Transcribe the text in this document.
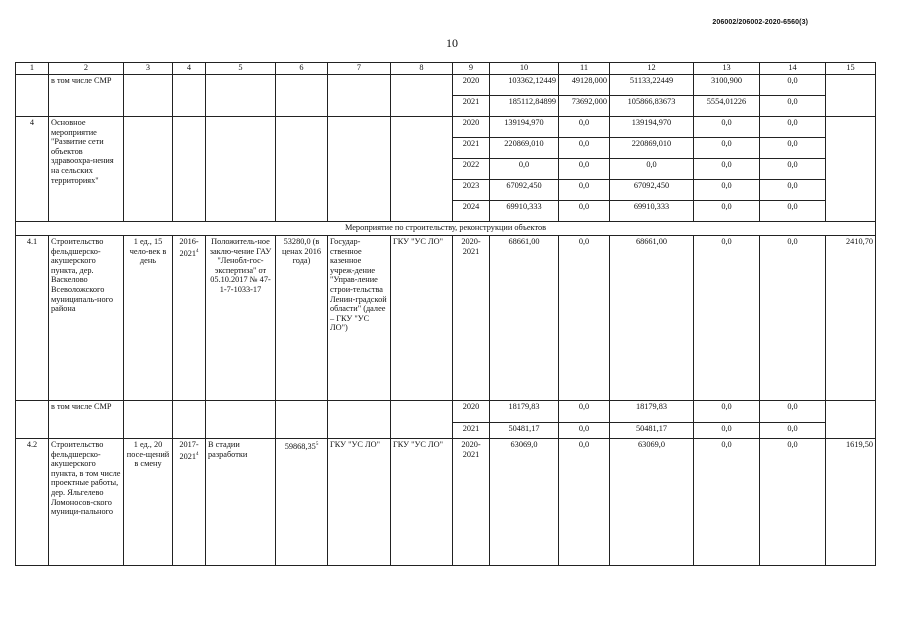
206002/206002-2020-6560(3)
10
1	2	3	4	5	6	7	8	9	10	11	12	13	14	15
	в том числе СМР							2020	103362,12449	49128,000	51133,22449	3100,900	0,0	
								2021	185112,84899	73692,000	105866,83673	5554,01226	0,0	
4	Основное мероприятие "Развитие сети объектов здравоохра-нения на сельских территориях"							2020	139194,970	0,0	139194,970	0,0	0,0	
								2021	220869,010	0,0	220869,010	0,0	0,0	
								2022	0,0	0,0	0,0	0,0	0,0	
								2023	67092,450	0,0	67092,450	0,0	0,0	
								2024	69910,333	0,0	69910,333	0,0	0,0	
Мероприятие по строительству, реконструкции объектов														
4.1	Строительство фельдшерско-акушерского пункта, дер. Васкелово Всеволожского муниципаль-ного района	1 ед., 15 чело-век в день	2016-2021$^4$	Положитель-ное заклю-чение ГАУ "Ленобл-гос-экспертиза" от 05.10.2017 № 47-1-7-1033-17	53280,0 (в ценах 2016 года)	Государ-ственное казенное учреж-дение "Управ-ление строи-тельства Ленин-градской области" (далее – ГКУ "УС ЛО")	ГКУ "УС ЛО"	2020-2021	68661,00	0,0	68661,00	0,0	0,0	2410,70
	в том числе СМР							2020	18179,83	0,0	18179,83	0,0	0,0	
								2021	50481,17	0,0	50481,17	0,0	0,0	
4.2	Строительство фельдшерско-акушерского пункта, в том числе проектные работы, дер. Яльгелево Ломоносов-ского муници-пального	1 ед., 20 посе-щений в смену	2017-2021$^4$	В стадии разработки	59868,35$^5$	ГКУ "УС ЛО"	ГКУ "УС ЛО"	2020-2021	63069,0	0,0	63069,0	0,0	0,0	1619,50
